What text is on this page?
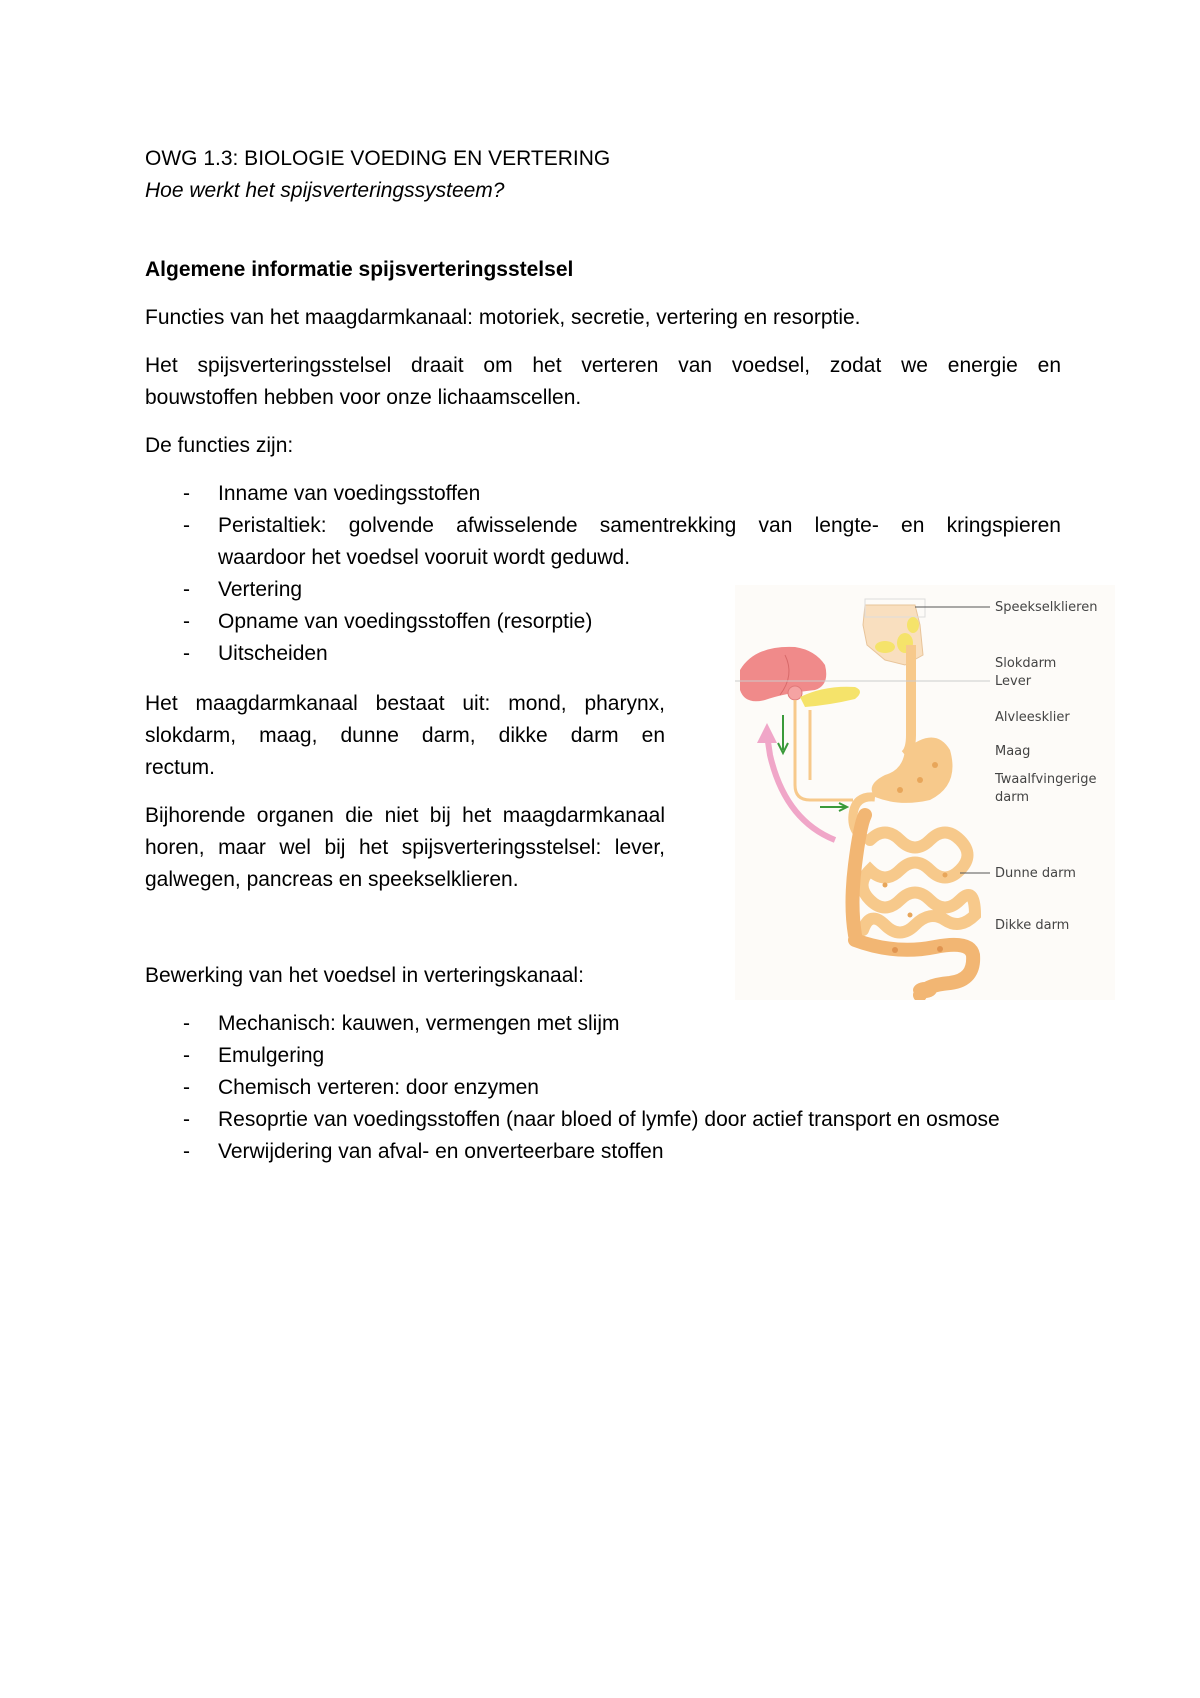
OWG 1.3: BIOLOGIE VOEDING EN VERTERING
Hoe werkt het spijsverteringssysteem?
Algemene informatie spijsverteringsstelsel
Functies van het maagdarmkanaal: motoriek, secretie, vertering en resorptie.
Het spijsverteringsstelsel draait om het verteren van voedsel, zodat we energie en
bouwstoffen hebben voor onze lichaamscellen.
De functies zijn:
- Inname van voedingsstoffen
- Peristaltiek: golvende afwisselende samentrekking van lengte- en kringspieren
waardoor het voedsel vooruit wordt geduwd.
- Vertering
- Opname van voedingsstoffen (resorptie)
- Uitscheiden
Het maagdarmkanaal bestaat uit: mond, pharynx,
slokdarm, maag, dunne darm, dikke darm en
rectum.
Bijhorende organen die niet bij het maagdarmkanaal
horen, maar wel bij het spijsverteringsstelsel: lever,
galwegen, pancreas en speekselklieren.
Bewerking van het voedsel in verteringskanaal:
- Mechanisch: kauwen, vermengen met slijm
- Emulgering
- Chemisch verteren: door enzymen
- Resoprtie van voedingsstoffen (naar bloed of lymfe) door actief transport en osmose
- Verwijdering van afval- en onverteerbare stoffen
Speekselklieren
Slokdarm
Lever
Alvleesklier
Maag
Twaalfvingerige
darm
Dunne darm
Dikke darm
